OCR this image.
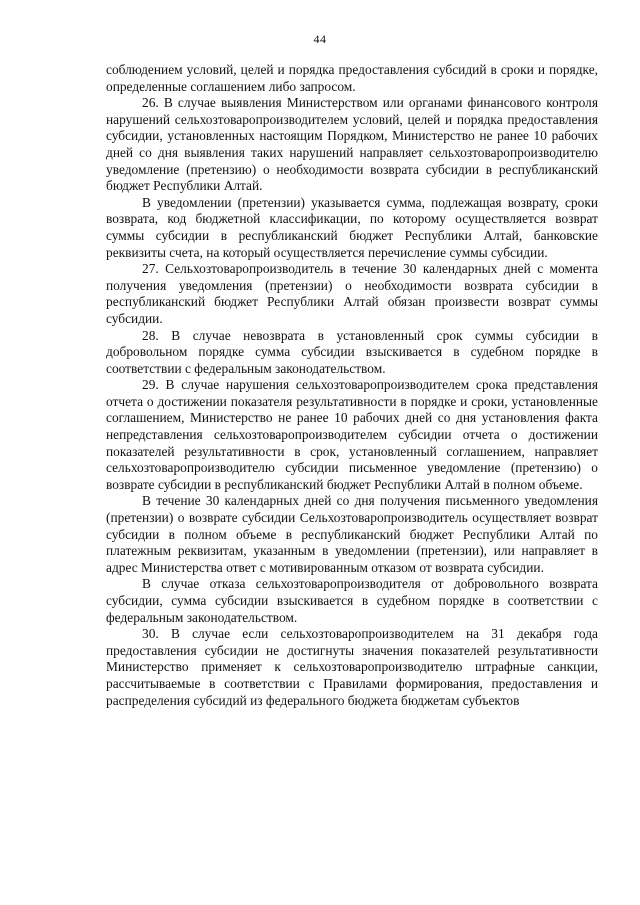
44

соблюдением условий, целей и порядка предоставления субсидий в сроки и порядке, определенные соглашением либо запросом.

26. В случае выявления Министерством или органами финансового контроля нарушений сельхозтоваропроизводителем условий, целей и порядка предоставления субсидии, установленных настоящим Порядком, Министерство не ранее 10 рабочих дней со дня выявления таких нарушений направляет сельхозтоваропроизводителю уведомление (претензию) о необходимости возврата субсидии в республиканский бюджет Республики Алтай.

В уведомлении (претензии) указывается сумма, подлежащая возврату, сроки возврата, код бюджетной классификации, по которому осуществляется возврат суммы субсидии в республиканский бюджет Республики Алтай, банковские реквизиты счета, на который осуществляется перечисление суммы субсидии.

27. Сельхозтоваропроизводитель в течение 30 календарных дней с момента получения уведомления (претензии) о необходимости возврата субсидии в республиканский бюджет Республики Алтай обязан произвести возврат суммы субсидии.

28. В случае невозврата в установленный срок суммы субсидии в добровольном порядке сумма субсидии взыскивается в судебном порядке в соответствии с федеральным законодательством.

29. В случае нарушения сельхозтоваропроизводителем срока представления отчета о достижении показателя результативности в порядке и сроки, установленные соглашением, Министерство не ранее 10 рабочих дней со дня установления факта непредставления сельхозтоваропроизводителем субсидии отчета о достижении показателей результативности в срок, установленный соглашением, направляет сельхозтоваропроизводителю субсидии письменное уведомление (претензию) о возврате субсидии в республиканский бюджет Республики Алтай в полном объеме.

В течение 30 календарных дней со дня получения письменного уведомления (претензии) о возврате субсидии Сельхозтоваропроизводитель осуществляет возврат субсидии в полном объеме в республиканский бюджет Республики Алтай по платежным реквизитам, указанным в уведомлении (претензии), или направляет в адрес Министерства ответ с мотивированным отказом от возврата субсидии.

В случае отказа сельхозтоваропроизводителя от добровольного возврата субсидии, сумма субсидии взыскивается в судебном порядке в соответствии с федеральным законодательством.

30. В случае если сельхозтоваропроизводителем на 31 декабря года предоставления субсидии не достигнуты значения показателей результативности Министерство применяет к сельхозтоваропроизводителю штрафные санкции, рассчитываемые в соответствии с Правилами формирования, предоставления и распределения субсидий из федерального бюджета бюджетам субъектов
